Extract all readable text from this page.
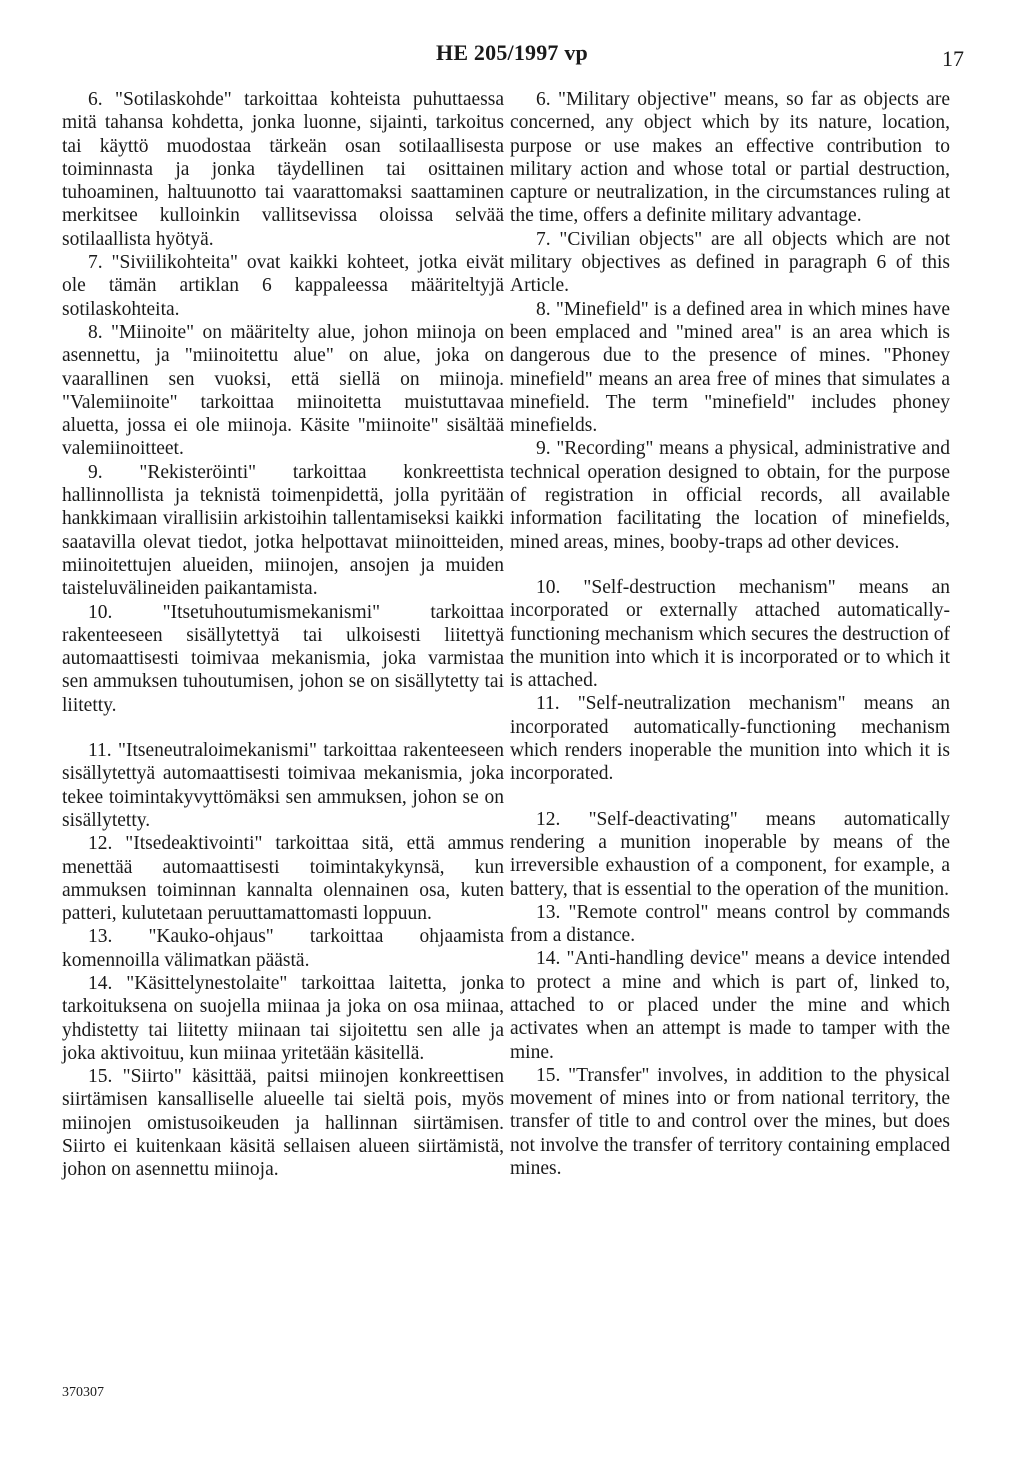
HE 205/1997 vp	17

6. "Sotilaskohde" tarkoittaa kohteista puhuttaessa mitä tahansa kohdetta, jonka luonne, sijainti, tarkoitus tai käyttö muodostaa tärkeän osan sotilaallisesta toiminnasta ja jonka täydellinen tai osittainen tuhoaminen, haltuunotto tai vaarattomaksi saattaminen merkitsee kulloinkin vallitsevissa oloissa selvää sotilaallista hyötyä.

7. "Siviilikohteita" ovat kaikki kohteet, jotka eivät ole tämän artiklan 6 kappaleessa määriteltyjä sotilaskohteita.

8. "Miinoite" on määritelty alue, johon miinoja on asennettu, ja "miinoitettu alue" on alue, joka on vaarallinen sen vuoksi, että siellä on miinoja. "Valemiinoite" tarkoittaa miinoitetta muistuttavaa aluetta, jossa ei ole miinoja. Käsite "miinoite" sisältää valemiinoitteet.

9. "Rekisteröinti" tarkoittaa konkreettista hallinnollista ja teknistä toimenpidettä, jolla pyritään hankkimaan virallisiin arkistoihin tallentamiseksi kaikki saatavilla olevat tiedot, jotka helpottavat miinoitteiden, miinoitettujen alueiden, miinojen, ansojen ja muiden taisteluvälineiden paikantamista.

10. "Itsetuhoutumismekanismi" tarkoittaa rakenteeseen sisällytettyä tai ulkoisesti liitettyä automaattisesti toimivaa mekanismia, joka varmistaa sen ammuksen tuhoutumisen, johon se on sisällytetty tai liitetty.

11. "Itseneutraloimekanismi" tarkoittaa rakenteeseen sisällytettyä automaattisesti toimivaa mekanismia, joka tekee toimintakyvyttömäksi sen ammuksen, johon se on sisällytetty.

12. "Itsedeaktivointi" tarkoittaa sitä, että ammus menettää automaattisesti toimintakykynsä, kun ammuksen toiminnan kannalta olennainen osa, kuten patteri, kulutetaan peruuttamattomasti loppuun.

13. "Kauko-ohjaus" tarkoittaa ohjaamista komennoilla välimatkan päästä.

14. "Käsittelynestolaite" tarkoittaa laitetta, jonka tarkoituksena on suojella miinaa ja joka on osa miinaa, yhdistetty tai liitetty miinaan tai sijoitettu sen alle ja joka aktivoituu, kun miinaa yritetään käsitellä.

15. "Siirto" käsittää, paitsi miinojen konkreettisen siirtämisen kansalliselle alueelle tai sieltä pois, myös miinojen omistusoikeuden ja hallinnan siirtämisen. Siirto ei kuitenkaan käsitä sellaisen alueen siirtämistä, johon on asennettu miinoja.

6. "Military objective" means, so far as objects are concerned, any object which by its nature, location, purpose or use makes an effective contribution to military action and whose total or partial destruction, capture or neutralization, in the circumstances ruling at the time, offers a definite military advantage.

7. "Civilian objects" are all objects which are not military objectives as defined in paragraph 6 of this Article.

8. "Minefield" is a defined area in which mines have been emplaced and "mined area" is an area which is dangerous due to the presence of mines. "Phoney minefield" means an area free of mines that simulates a minefield. The term "minefield" includes phoney minefields.

9. "Recording" means a physical, administrative and technical operation designed to obtain, for the purpose of registration in official records, all available information facilitating the location of minefields, mined areas, mines, booby-traps ad other devices.

10. "Self-destruction mechanism" means an incorporated or externally attached automatically-functioning mechanism which secures the destruction of the munition into which it is incorporated or to which it is attached.

11. "Self-neutralization mechanism" means an incorporated automatically-functioning mechanism which renders inoperable the munition into which it is incorporated.

12. "Self-deactivating" means automatically rendering a munition inoperable by means of the irreversible exhaustion of a component, for example, a battery, that is essential to the operation of the munition.

13. "Remote control" means control by commands from a distance.

14. "Anti-handling device" means a device intended to protect a mine and which is part of, linked to, attached to or placed under the mine and which activates when an attempt is made to tamper with the mine.

15. "Transfer" involves, in addition to the physical movement of mines into or from national territory, the transfer of title to and control over the mines, but does not involve the transfer of territory containing emplaced mines.

370307
